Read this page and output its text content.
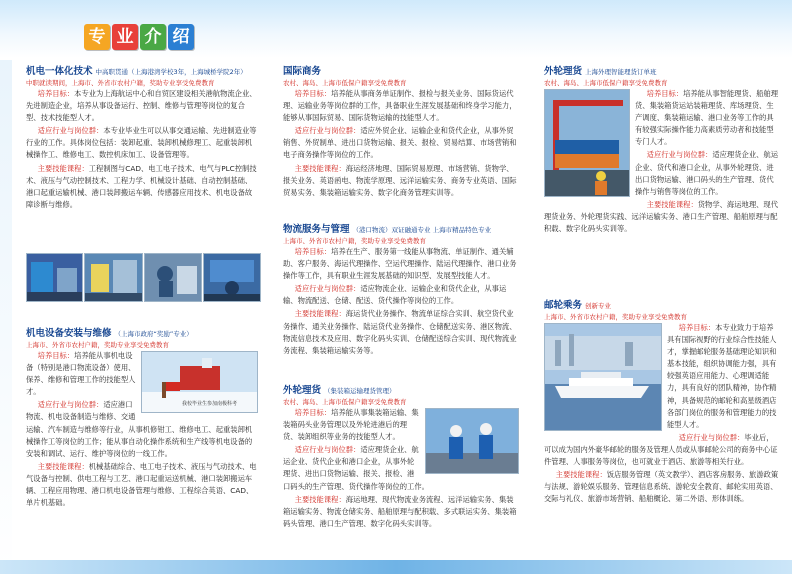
专 业 介 绍
机电一体化技术 中高职贯通（上海港湾学校3年，上海城桥学院2年）
中职就读期间，上海市、外省市农村户籍，奖助专业享受免费教育

培养目标：本专业为上海航运中心和自贸区建设相关港航物流企业、先进制造企业，培养从事设备运行、控制、维修与管理等岗位的复合型、技术技能型人才。

适应行业与岗位群：本专业毕业生可以从事交通运输、先进制造业等行业的工作。具体岗位包括：装卸起重、装卸机械修理工、起重装卸机械操作工、维修电工、数控机床加工、设备管理等。

主要技能课程：工程制图与CAD、电工电子技术、电气与PLC控制技术、液压与气动控制技术、工程力学、机械设计基础、自动控制基础、港口起重运输机械、港口装卸搬运车辆、传感器应用技术、机电设备故障诊断与维修。

机电设备安装与维修 （上海市政府“奖励”专业）
上海市、外省市农村户籍，奖助专业享受免费教育
我校毕业生参加南极科考

培养目标：培养能从事机电设备（特别是港口物流设备）使用、保养、维修和管理工作的技能型人才。

适应行业与岗位群：适应港口物流、机电设备制造与维修、交通运输、汽车制造与维修等行业，从事机修钳工、维修电工、起重装卸机械操作工等岗位的工作；能从事自动化操作系统和生产线等机电设备的安装和调试、运行、维护等岗位的一线工作。

主要技能课程：机械基础综合、电工电子技术、液压与气动技术、电气设备与控制、供电工程与工艺、港口起重运送机械、港口装卸搬运车辆、工程应用物理、港口机电设备管理与维修、工程综合英语、CAD、单片机基础。

国际商务
农村、海岛、上海市低保户籍享受免费教育

培养目标：培养能从事商务单证制作、报检与报关业务、国际货运代理、运输业务等岗位群的工作，具备职业生涯发展基础和终身学习能力，能够从事国际贸易、国际货物运输的技能型人才。

适应行业与岗位群：适应外贸企业、运输企业和货代企业，从事外贸销售、外贸制单、进出口货物运输、报关、报检、贸易结算、市场营销和电子商务操作等岗位的工作。

主要技能课程：海运经济地理、国际贸易原理、市场营销、货物学、报关业务、英语函电、物流学原理、远洋运输实务、商务专业英语、国际贸易实务、集装箱运输实务、数字化商务管理实训等。

物流服务与管理 （港口物流）双证融通专业 上海市精品特色专业
上海市、外省市农村户籍，奖助专业享受免费教育

培养目标：培养在生产、服务第一线能从事物流、单证制作、通关辅助、客户服务、海运代理操作、空运代理操作、陆运代理操作、港口业务操作等工作，具有职业生涯发展基础的知识型、发展型技能人才。

适应行业与岗位群：适应物流企业、运输企业和货代企业，从事运输、物流配送、仓储、配送、货代操作等岗位的工作。

主要技能课程：海运货代业务操作、物流单证综合实训、航空货代业务操作、通关业务操作、陆运货代业务操作、仓储配送实务、港区物流、物流信息技术及应用、数字化码头实训、仓储配送综合实训、现代物流业务流程、集装箱运输实务等。

外轮理货 （集装箱运输理货管理）
农村、海岛、上海市低保户籍享受免费教育

培养目标：培养能从事集装箱运输、集装箱码头业务管理以及外轮进港后的理货、装卸组织等业务的技能型人才。

适应行业与岗位群：适应理货企业、航运企业、货代企业和港口企业，从事外轮理货、进出口货物运输、报关、报检、港口码头的生产管理、货代操作等岗位的工作。

主要技能课程：海运地理、现代物流业务流程、远洋运输实务、集装箱运输实务、物流仓储实务、船舶原理与配积载、多式联运实务、集装箱码头管理、港口生产管理、数字化码头实训等。

外轮理货 上海外理智能理货订单班
农村、海岛、上海市低保户籍享受免费教育

培养目标：培养能从事智能理货、船舶理货、集装箱货运站装箱理货、库场理货、生产调度、集装箱运输、港口业务等工作的具有较强实际操作能力高素质劳动者和技能型专门人才。

适应行业与岗位群：适应理货企业、航运企业、货代和港口企业，从事外轮理货、进出口货物运输、港口码头的生产管理、货代操作与销售等岗位的工作。

主要技能课程：货物学、海运地理、现代理货业务、外轮理货实践、远洋运输实务、港口生产管理、船舶原理与配积载、数字化码头实训等。

邮轮乘务 创新专业
上海市、外省市农村户籍，奖助专业享受免费教育

培养目标：本专业致力于培养具有国际视野的行业综合性技能人才，掌握邮轮服务基础理论知识和基本技能，组织协调能力强，具有较强英语应用能力、心理调适能力，具有良好的团队精神，协作精神，具备规范的邮轮和高星级酒店各部门岗位的服务和管理能力的技能型人才。

适应行业与岗位群：毕业后，可以成为国内外豪华邮轮的服务及管理人员或从事邮轮公司的商务中心证件管理、人事服务等岗位，也可就业于酒店、旅游等相关行业。

主要技能课程：饭店服务管理（英文教学）、酒店客房服务、旅游政策与法规、游轮娱乐服务、管理信息系统、游轮安全教育、邮轮实用英语、交际与礼仪、旅游市场营销、船舶概论、第二外语、形体训练。
